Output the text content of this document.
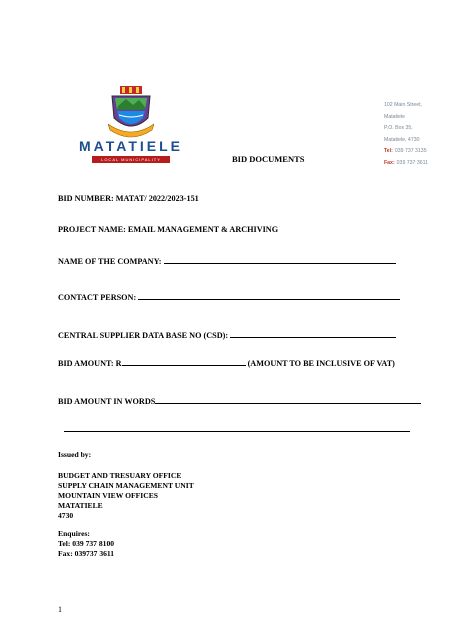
MATATIELE
LOCAL MUNICIPALITY
102 Main Street,
Matatiele
P.O. Box 35,
Matatiele, 4730
Tel: 039 737 3135
Fax: 039 737 3611
BID DOCUMENTS
BID NUMBER: MATAT/ 2022/2023-151
PROJECT NAME: EMAIL MANAGEMENT & ARCHIVING
NAME OF THE COMPANY:
CONTACT PERSON:
CENTRAL SUPPLIER DATA BASE NO (CSD):
BID AMOUNT: R	(AMOUNT TO BE INCLUSIVE OF VAT)
BID AMOUNT IN WORDS
Issued by:
BUDGET AND TRESUARY OFFICE
SUPPLY CHAIN MANAGEMENT UNIT
MOUNTAIN VIEW OFFICES
MATATIELE
4730
Enquires:
Tel: 039 737 8100
Fax: 039737 3611
1
